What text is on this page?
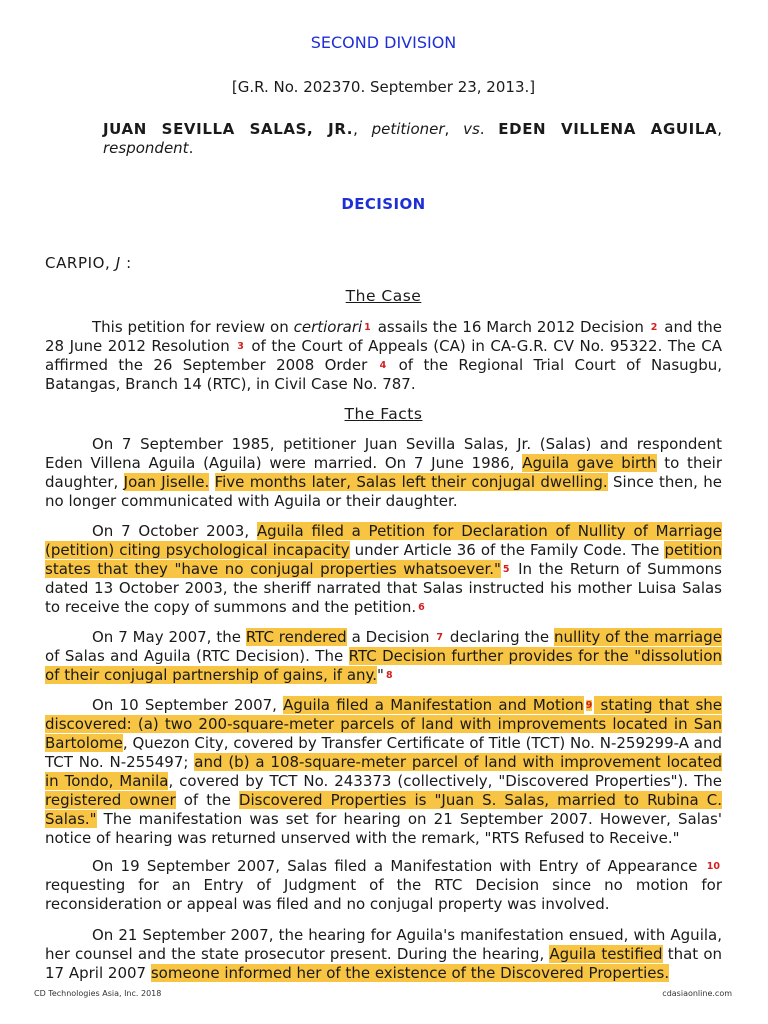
SECOND DIVISION
[G.R. No. 202370. September 23, 2013.]
JUAN SEVILLA SALAS, JR., petitioner, vs. EDEN VILLENA AGUILA, respondent.
DECISION
CARPIO, J :
The Case
This petition for review on certiorari 1 assails the 16 March 2012 Decision 2 and the 28 June 2012 Resolution 3 of the Court of Appeals (CA) in CA-G.R. CV No. 95322. The CA affirmed the 26 September 2008 Order 4 of the Regional Trial Court of Nasugbu, Batangas, Branch 14 (RTC), in Civil Case No. 787.
The Facts
On 7 September 1985, petitioner Juan Sevilla Salas, Jr. (Salas) and respondent Eden Villena Aguila (Aguila) were married. On 7 June 1986, Aguila gave birth to their daughter, Joan Jiselle. Five months later, Salas left their conjugal dwelling. Since then, he no longer communicated with Aguila or their daughter.
On 7 October 2003, Aguila filed a Petition for Declaration of Nullity of Marriage (petition) citing psychological incapacity under Article 36 of the Family Code. The petition states that they "have no conjugal properties whatsoever." 5 In the Return of Summons dated 13 October 2003, the sheriff narrated that Salas instructed his mother Luisa Salas to receive the copy of summons and the petition. 6
On 7 May 2007, the RTC rendered a Decision 7 declaring the nullity of the marriage of Salas and Aguila (RTC Decision). The RTC Decision further provides for the "dissolution of their conjugal partnership of gains, if any." 8
On 10 September 2007, Aguila filed a Manifestation and Motion 9 stating that she discovered: (a) two 200-square-meter parcels of land with improvements located in San Bartolome, Quezon City, covered by Transfer Certificate of Title (TCT) No. N-259299-A and TCT No. N-255497; and (b) a 108-square-meter parcel of land with improvement located in Tondo, Manila, covered by TCT No. 243373 (collectively, "Discovered Properties"). The registered owner of the Discovered Properties is "Juan S. Salas, married to Rubina C. Salas." The manifestation was set for hearing on 21 September 2007. However, Salas' notice of hearing was returned unserved with the remark, "RTS Refused to Receive."
On 19 September 2007, Salas filed a Manifestation with Entry of Appearance 10 requesting for an Entry of Judgment of the RTC Decision since no motion for reconsideration or appeal was filed and no conjugal property was involved.
On 21 September 2007, the hearing for Aguila's manifestation ensued, with Aguila, her counsel and the state prosecutor present. During the hearing, Aguila testified that on 17 April 2007 someone informed her of the existence of the Discovered Properties.
CD Technologies Asia, Inc. 2018	cdasiaonline.com
